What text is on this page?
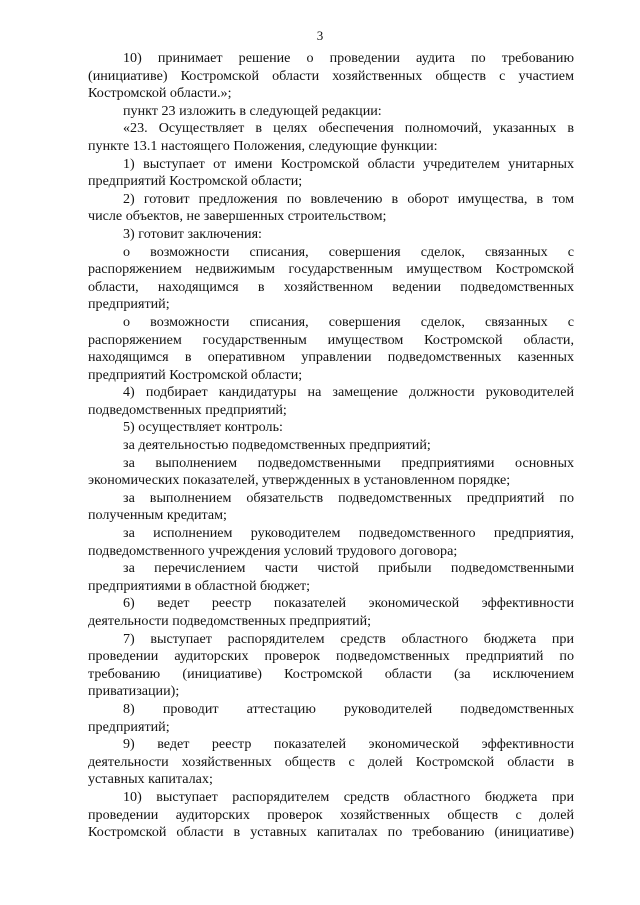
3
10) принимает решение о проведении аудита по требованию
(инициативе) Костромской области хозяйственных обществ с участием
Костромской области.»;
пункт 23 изложить в следующей редакции:
«23. Осуществляет в целях обеспечения полномочий, указанных в
пункте 13.1 настоящего Положения, следующие функции:
1) выступает от имени Костромской области учредителем унитарных
предприятий Костромской области;
2) готовит предложения по вовлечению в оборот имущества, в том
числе объектов, не завершенных строительством;
3) готовит заключения:
о возможности списания, совершения сделок, связанных с
распоряжением недвижимым государственным имуществом Костромской
области, находящимся в хозяйственном ведении подведомственных
предприятий;
о возможности списания, совершения сделок, связанных с
распоряжением государственным имуществом Костромской области,
находящимся в оперативном управлении подведомственных казенных
предприятий Костромской области;
4) подбирает кандидатуры на замещение должности руководителей
подведомственных предприятий;
5) осуществляет контроль:
за деятельностью подведомственных предприятий;
за выполнением подведомственными предприятиями основных
экономических показателей, утвержденных в установленном порядке;
за выполнением обязательств подведомственных предприятий по
полученным кредитам;
за исполнением руководителем подведомственного предприятия,
подведомственного учреждения условий трудового договора;
за перечислением части чистой прибыли подведомственными
предприятиями в областной бюджет;
6) ведет реестр показателей экономической эффективности
деятельности подведомственных предприятий;
7) выступает распорядителем средств областного бюджета при
проведении аудиторских проверок подведомственных предприятий по
требованию (инициативе) Костромской области (за исключением
приватизации);
8) проводит аттестацию руководителей подведомственных
предприятий;
9) ведет реестр показателей экономической эффективности
деятельности хозяйственных обществ с долей Костромской области в
уставных капиталах;
10) выступает распорядителем средств областного бюджета при
проведении аудиторских проверок хозяйственных обществ с долей
Костромской области в уставных капиталах по требованию (инициативе)
